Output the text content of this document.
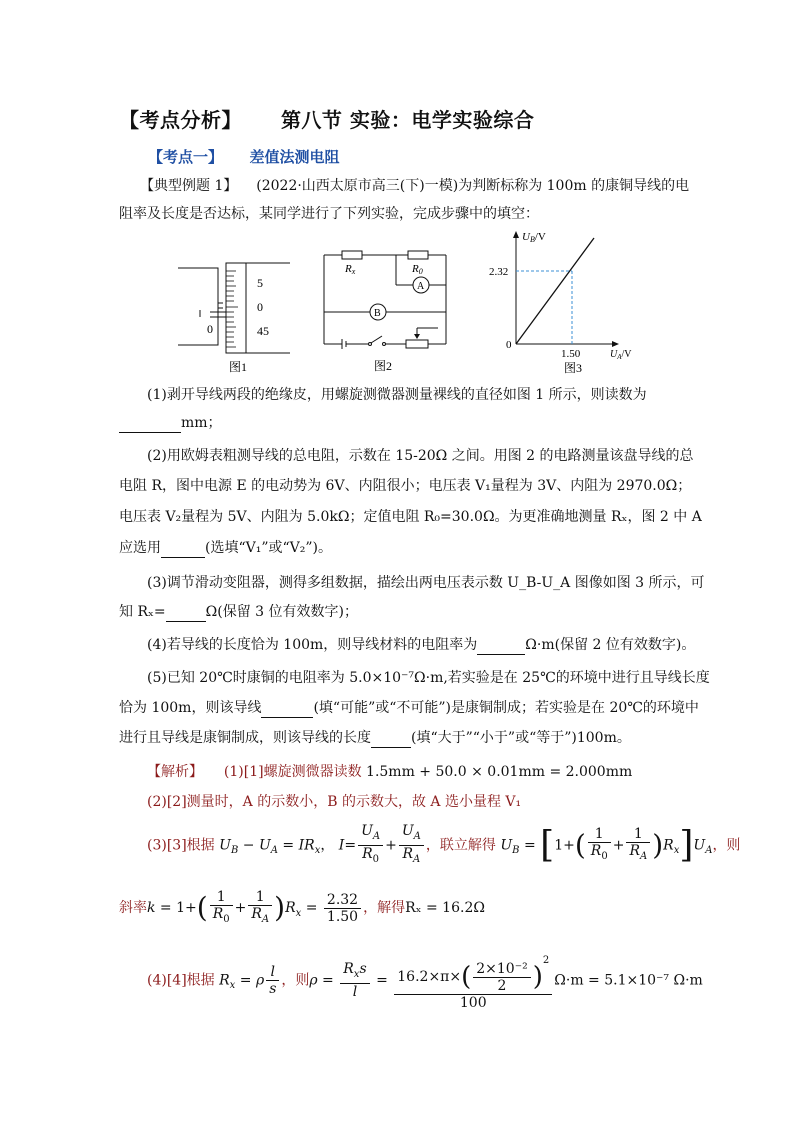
【考点分析】 第八节 实验：电学实验综合
【考点一】 差值法测电阻
【典型例题 1】 (2022·山西太原市高三(下)一模)为判断标称为 100m 的康铜导线的电
阻率及长度是否达标，某同学进行了下列实验，完成步骤中的填空：
5
0
45
0
图1
Rx	R0
A
B
图2
UB/V
2.32
0
1.50	$U_A/V$
图3
(1)剥开导线两段的绝缘皮，用螺旋测微器测量裸线的直径如图 1 所示，则读数为
mm；
(2)用欧姆表粗测导线的总电阻，示数在 15-20Ω 之间。用图 2 的电路测量该盘导线的总
电阻 R，图中电源 E 的电动势为 6V、内阻很小；电压表 V₁量程为 3V、内阻为 2970.0Ω；
电压表 V₂量程为 5V、内阻为 5.0kΩ；定值电阻 R₀=30.0Ω。为更准确地测量 Rₓ，图 2 中 A
应选用	(选填“V₁”或“V₂”)。
(3)调节滑动变阻器，测得多组数据，描绘出两电压表示数 U_B-U_A 图像如图 3 所示，可
知 Rₓ=	Ω(保留 3 位有效数字)；
(4)若导线的长度恰为 100m，则导线材料的电阻率为	Ω·m(保留 2 位有效数字)。
(5)已知 20℃时康铜的电阻率为 5.0×10⁻⁷Ω·m,若实验是在 25℃的环境中进行且导线长度
恰为 100m，则该导线	(填“可能”或“不可能”)是康铜制成；若实验是在 20℃的环境中
进行且导线是康铜制成，则该导线的长度	(填“大于”“小于”或“等于”)100m。
【解析】 (1)[1]螺旋测微器读数 1.5mm + 50.0 × 0.01mm = 2.000mm
(2)[2]测量时，A 的示数小，B 的示数大，故 A 选小量程 V₁
(3)[3]根据 $U_B - U_A = IR_x$， $I= \frac{U_A}{R_0} + \frac{U_A}{R_A}$ ，联立解得 $U_B = [1+( \frac{1}{R_0} + \frac{1}{R_A} )R_x]U_A$，则
斜率$k = 1+( \frac{1}{R_0} + \frac{1}{R_A} )R_x = \frac{2.32}{1.50}$ ，解得Rₓ = 16.2Ω
(4)[4]根据 $R_x = \rho \frac{l}{s}$ ，则$\rho = \frac{R_xs}{l} = \frac{16.2\times\pi\times( \frac{\text{2×10⁻²}}{2} )^2}{100} \Omega\cdot m = 5.1\times 10^{-7}$ Ω·m
